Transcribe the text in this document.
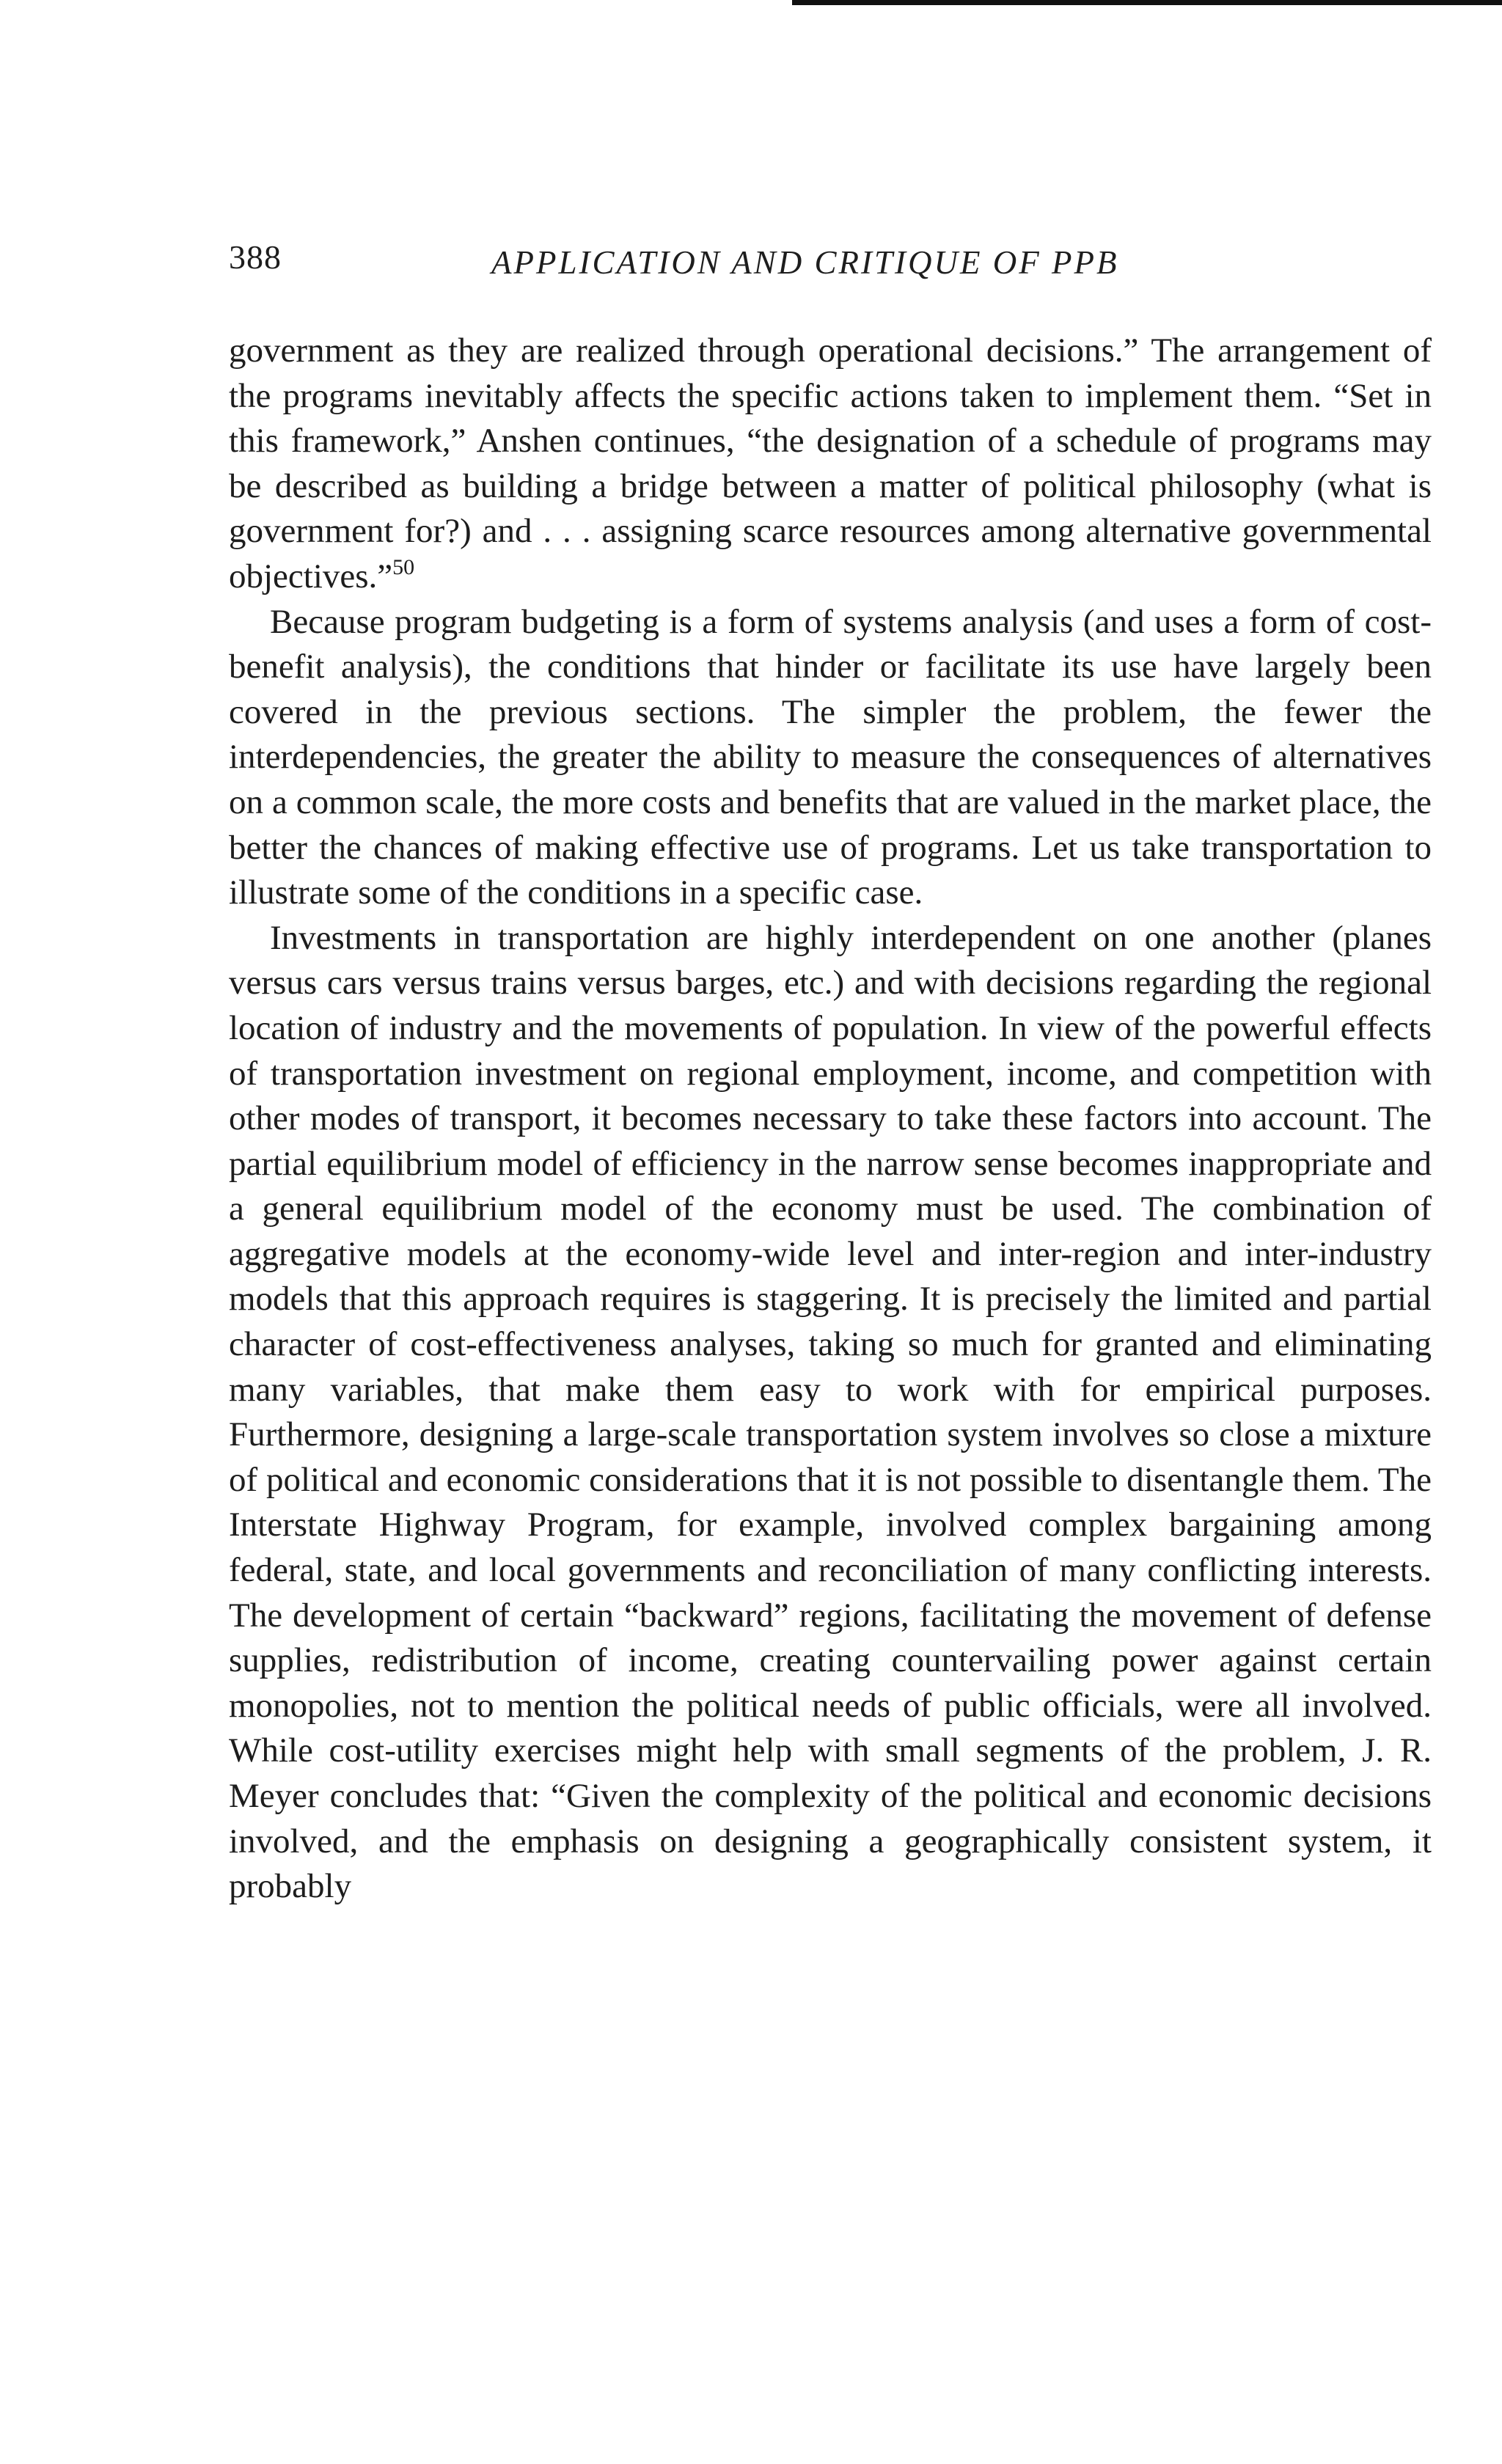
388	APPLICATION AND CRITIQUE OF PPB

government as they are realized through operational decisions.” The arrangement of the programs inevitably affects the specific actions taken to implement them. “Set in this framework,” Anshen continues, “the designation of a schedule of programs may be described as building a bridge between a matter of political philosophy (what is government for?) and . . . assigning scarce resources among alternative governmental objectives.”$^{50}$

Because program budgeting is a form of systems analysis (and uses a form of cost-benefit analysis), the conditions that hinder or facilitate its use have largely been covered in the previous sections. The simpler the problem, the fewer the interdependencies, the greater the ability to measure the consequences of alternatives on a common scale, the more costs and benefits that are valued in the market place, the better the chances of making effective use of programs. Let us take transportation to illustrate some of the conditions in a specific case.

Investments in transportation are highly interdependent on one another (planes versus cars versus trains versus barges, etc.) and with decisions regarding the regional location of industry and the movements of population. In view of the powerful effects of transportation investment on regional employment, income, and competition with other modes of transport, it becomes necessary to take these factors into account. The partial equilibrium model of efficiency in the narrow sense becomes inappropriate and a general equilibrium model of the economy must be used. The combination of aggregative models at the economy-wide level and inter-region and inter-industry models that this approach requires is staggering. It is precisely the limited and partial character of cost-effectiveness analyses, taking so much for granted and eliminating many variables, that make them easy to work with for empirical purposes. Furthermore, designing a large-scale transportation system involves so close a mixture of political and economic considerations that it is not possible to disentangle them. The Interstate Highway Program, for example, involved complex bargaining among federal, state, and local governments and reconciliation of many conflicting interests. The development of certain “backward” regions, facilitating the movement of defense supplies, redistribution of income, creating countervailing power against certain monopolies, not to mention the political needs of public officials, were all involved. While cost-utility exercises might help with small segments of the problem, J. R. Meyer concludes that: “Given the complexity of the political and economic decisions involved, and the emphasis on designing a geographically consistent system, it probably
